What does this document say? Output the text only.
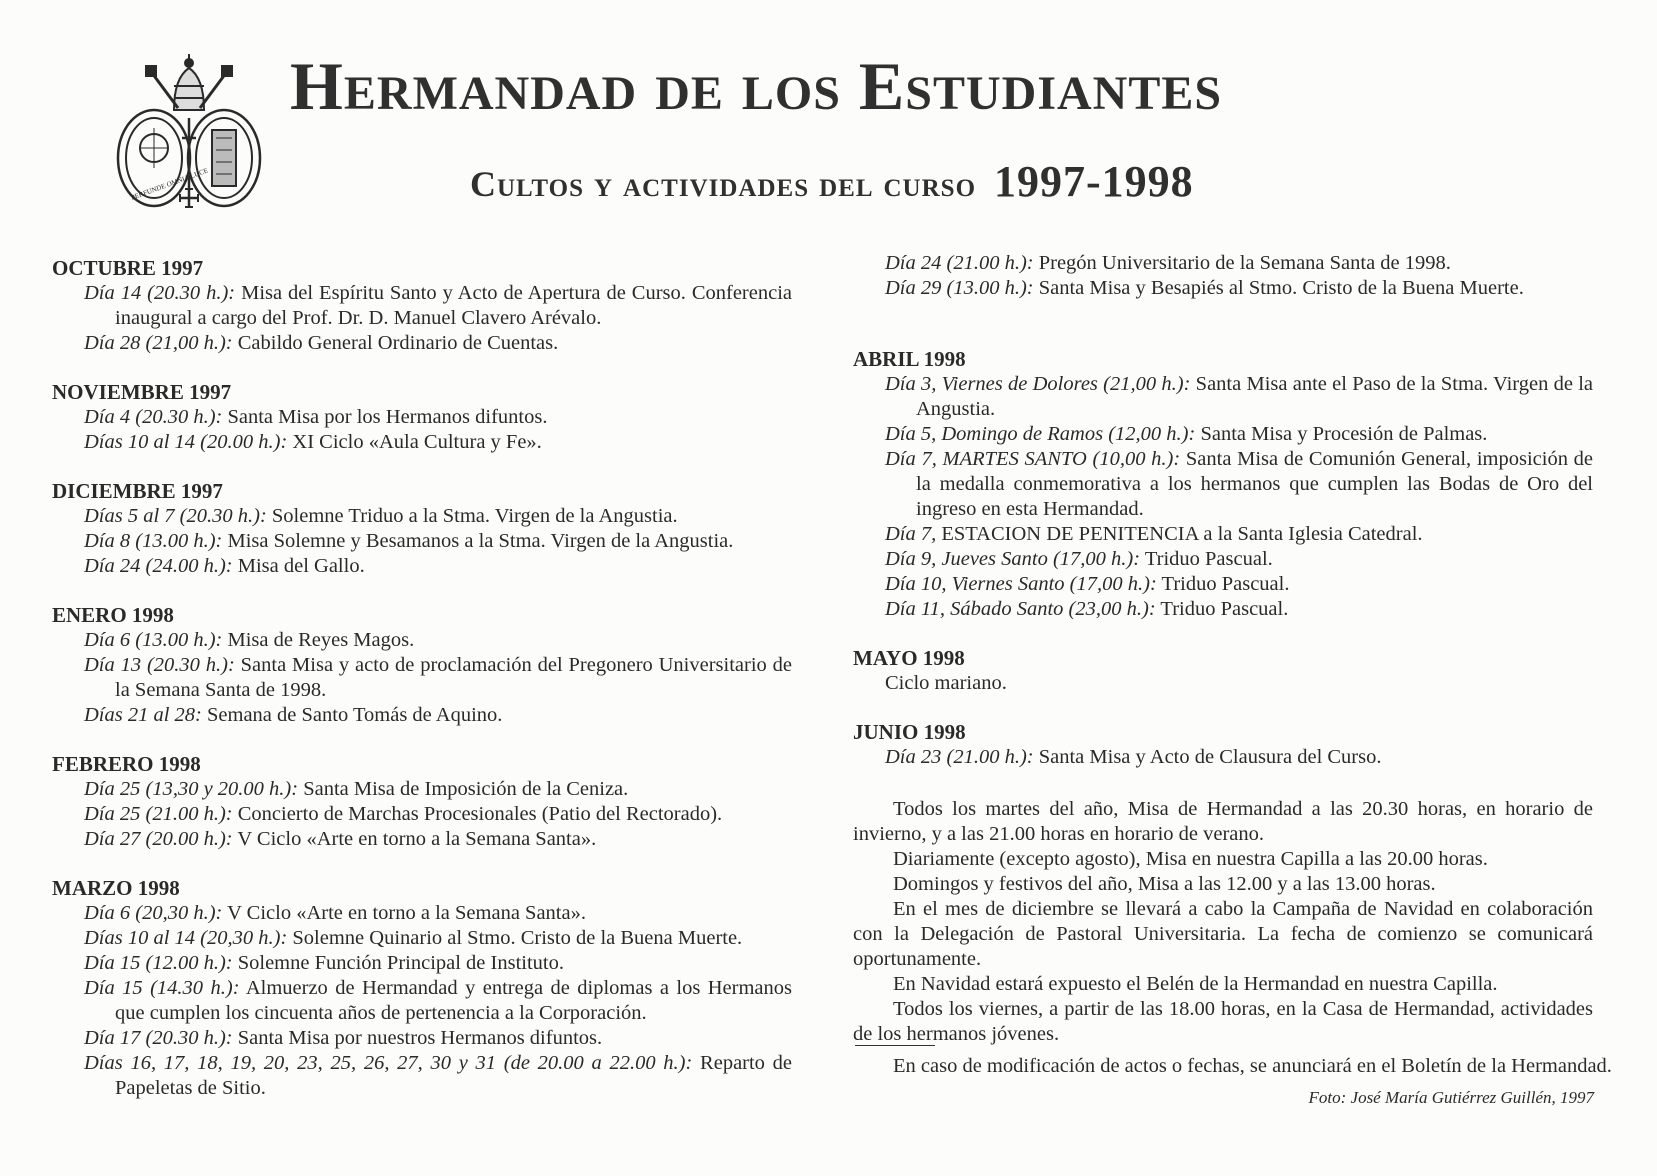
PERFUNDE OMNIA LUCE
Hermandad de los Estudiantes
Cultos y actividades del curso 1997-1998

OCTUBRE 1997

Día 14 (20.30 h.): Misa del Espíritu Santo y Acto de Apertura de Curso. Conferencia inaugural a cargo del Prof. Dr. D. Manuel Clavero Arévalo.

Día 28 (21,00 h.): Cabildo General Ordinario de Cuentas.

NOVIEMBRE 1997

Día 4 (20.30 h.): Santa Misa por los Hermanos difuntos.

Días 10 al 14 (20.00 h.): XI Ciclo «Aula Cultura y Fe».

DICIEMBRE 1997

Días 5 al 7 (20.30 h.): Solemne Triduo a la Stma. Virgen de la Angustia.

Día 8 (13.00 h.): Misa Solemne y Besamanos a la Stma. Virgen de la Angustia.

Día 24 (24.00 h.): Misa del Gallo.

ENERO 1998

Día 6 (13.00 h.): Misa de Reyes Magos.

Día 13 (20.30 h.): Santa Misa y acto de proclamación del Pregonero Universitario de la Semana Santa de 1998.

Días 21 al 28: Semana de Santo Tomás de Aquino.

FEBRERO 1998

Día 25 (13,30 y 20.00 h.): Santa Misa de Imposición de la Ceniza.

Día 25 (21.00 h.): Concierto de Marchas Procesionales (Patio del Rectorado).

Día 27 (20.00 h.): V Ciclo «Arte en torno a la Semana Santa».

MARZO 1998

Día 6 (20,30 h.): V Ciclo «Arte en torno a la Semana Santa».

Días 10 al 14 (20,30 h.): Solemne Quinario al Stmo. Cristo de la Buena Muerte.

Día 15 (12.00 h.): Solemne Función Principal de Instituto.

Día 15 (14.30 h.): Almuerzo de Hermandad y entrega de diplomas a los Hermanos que cumplen los cincuenta años de pertenencia a la Corporación.

Día 17 (20.30 h.): Santa Misa por nuestros Hermanos difuntos.

Días 16, 17, 18, 19, 20, 23, 25, 26, 27, 30 y 31 (de 20.00 a 22.00 h.): Reparto de Papeletas de Sitio.

Día 24 (21.00 h.): Pregón Universitario de la Semana Santa de 1998.

Día 29 (13.00 h.): Santa Misa y Besapiés al Stmo. Cristo de la Buena Muerte.

ABRIL 1998

Día 3, Viernes de Dolores (21,00 h.): Santa Misa ante el Paso de la Stma. Virgen de la Angustia.

Día 5, Domingo de Ramos (12,00 h.): Santa Misa y Procesión de Palmas.

Día 7, MARTES SANTO (10,00 h.): Santa Misa de Comunión General, imposición de la medalla conmemorativa a los hermanos que cumplen las Bodas de Oro del ingreso en esta Hermandad.

Día 7, ESTACION DE PENITENCIA a la Santa Iglesia Catedral.

Día 9, Jueves Santo (17,00 h.): Triduo Pascual.

Día 10, Viernes Santo (17,00 h.): Triduo Pascual.

Día 11, Sábado Santo (23,00 h.): Triduo Pascual.

MAYO 1998

Ciclo mariano.

JUNIO 1998

Día 23 (21.00 h.): Santa Misa y Acto de Clausura del Curso.

Todos los martes del año, Misa de Hermandad a las 20.30 horas, en horario de invierno, y a las 21.00 horas en horario de verano.

Diariamente (excepto agosto), Misa en nuestra Capilla a las 20.00 horas.

Domingos y festivos del año, Misa a las 12.00 y a las 13.00 horas.

En el mes de diciembre se llevará a cabo la Campaña de Navidad en colaboración con la Delegación de Pastoral Universitaria. La fecha de comienzo se comunicará oportunamente.

En Navidad estará expuesto el Belén de la Hermandad en nuestra Capilla.

Todos los viernes, a partir de las 18.00 horas, en la Casa de Hermandad, actividades de los hermanos jóvenes.

En caso de modificación de actos o fechas, se anunciará en el Boletín de la Hermandad.
Foto: José María Gutiérrez Guillén, 1997
